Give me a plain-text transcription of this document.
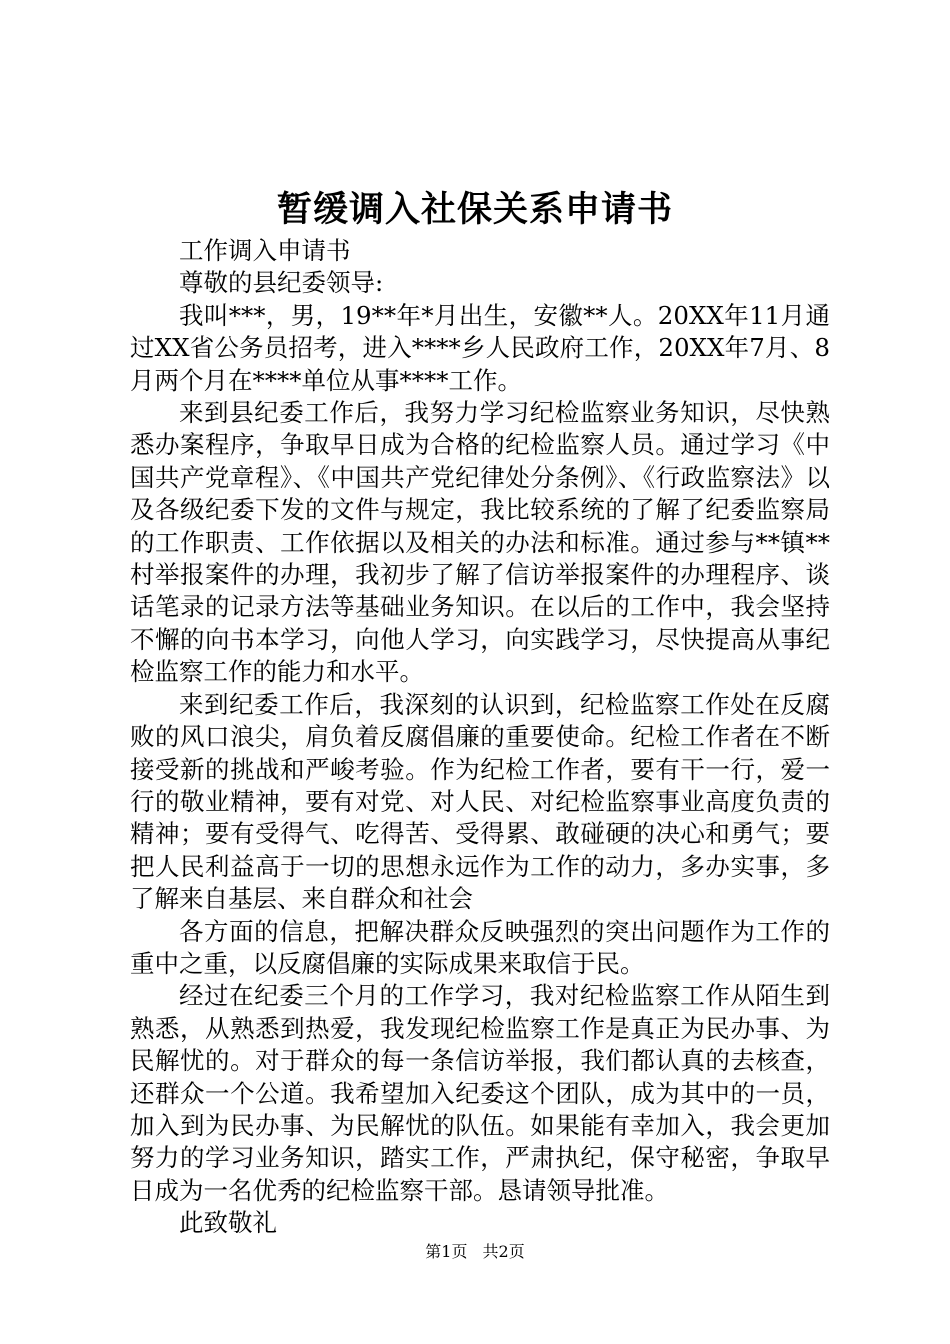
暂缓调入社保关系申请书

工作调入申请书

尊敬的县纪委领导:

我叫***，男，19**年*月出生，安徽**人。20XX年11月通过XX省公务员招考，进入****乡人民政府工作，20XX年7月、8月两个月在****单位从事****工作。

来到县纪委工作后，我努力学习纪检监察业务知识，尽快熟悉办案程序，争取早日成为合格的纪检监察人员。通过学习《中国共产党章程》、《中国共产党纪律处分条例》、《行政监察法》以及各级纪委下发的文件与规定，我比较系统的了解了纪委监察局的工作职责、工作依据以及相关的办法和标准。通过参与**镇**村举报案件的办理，我初步了解了信访举报案件的办理程序、谈话笔录的记录方法等基础业务知识。在以后的工作中，我会坚持不懈的向书本学习，向他人学习，向实践学习，尽快提高从事纪检监察工作的能力和水平。

来到纪委工作后，我深刻的认识到，纪检监察工作处在反腐败的风口浪尖，肩负着反腐倡廉的重要使命。纪检工作者在不断接受新的挑战和严峻考验。作为纪检工作者，要有干一行，爱一行的敬业精神，要有对党、对人民、对纪检监察事业高度负责的精神；要有受得气、吃得苦、受得累、敢碰硬的决心和勇气；要把人民利益高于一切的思想永远作为工作的动力，多办实事，多了解来自基层、来自群众和社会

各方面的信息，把解决群众反映强烈的突出问题作为工作的重中之重，以反腐倡廉的实际成果来取信于民。

经过在纪委三个月的工作学习，我对纪检监察工作从陌生到熟悉，从熟悉到热爱，我发现纪检监察工作是真正为民办事、为民解忧的。对于群众的每一条信访举报，我们都认真的去核查，还群众一个公道。我希望加入纪委这个团队，成为其中的一员，加入到为民办事、为民解忧的队伍。如果能有幸加入，我会更加努力的学习业务知识，踏实工作，严肃执纪，保守秘密，争取早日成为一名优秀的纪检监察干部。恳请领导批准。

此致敬礼

第1页 共2页
